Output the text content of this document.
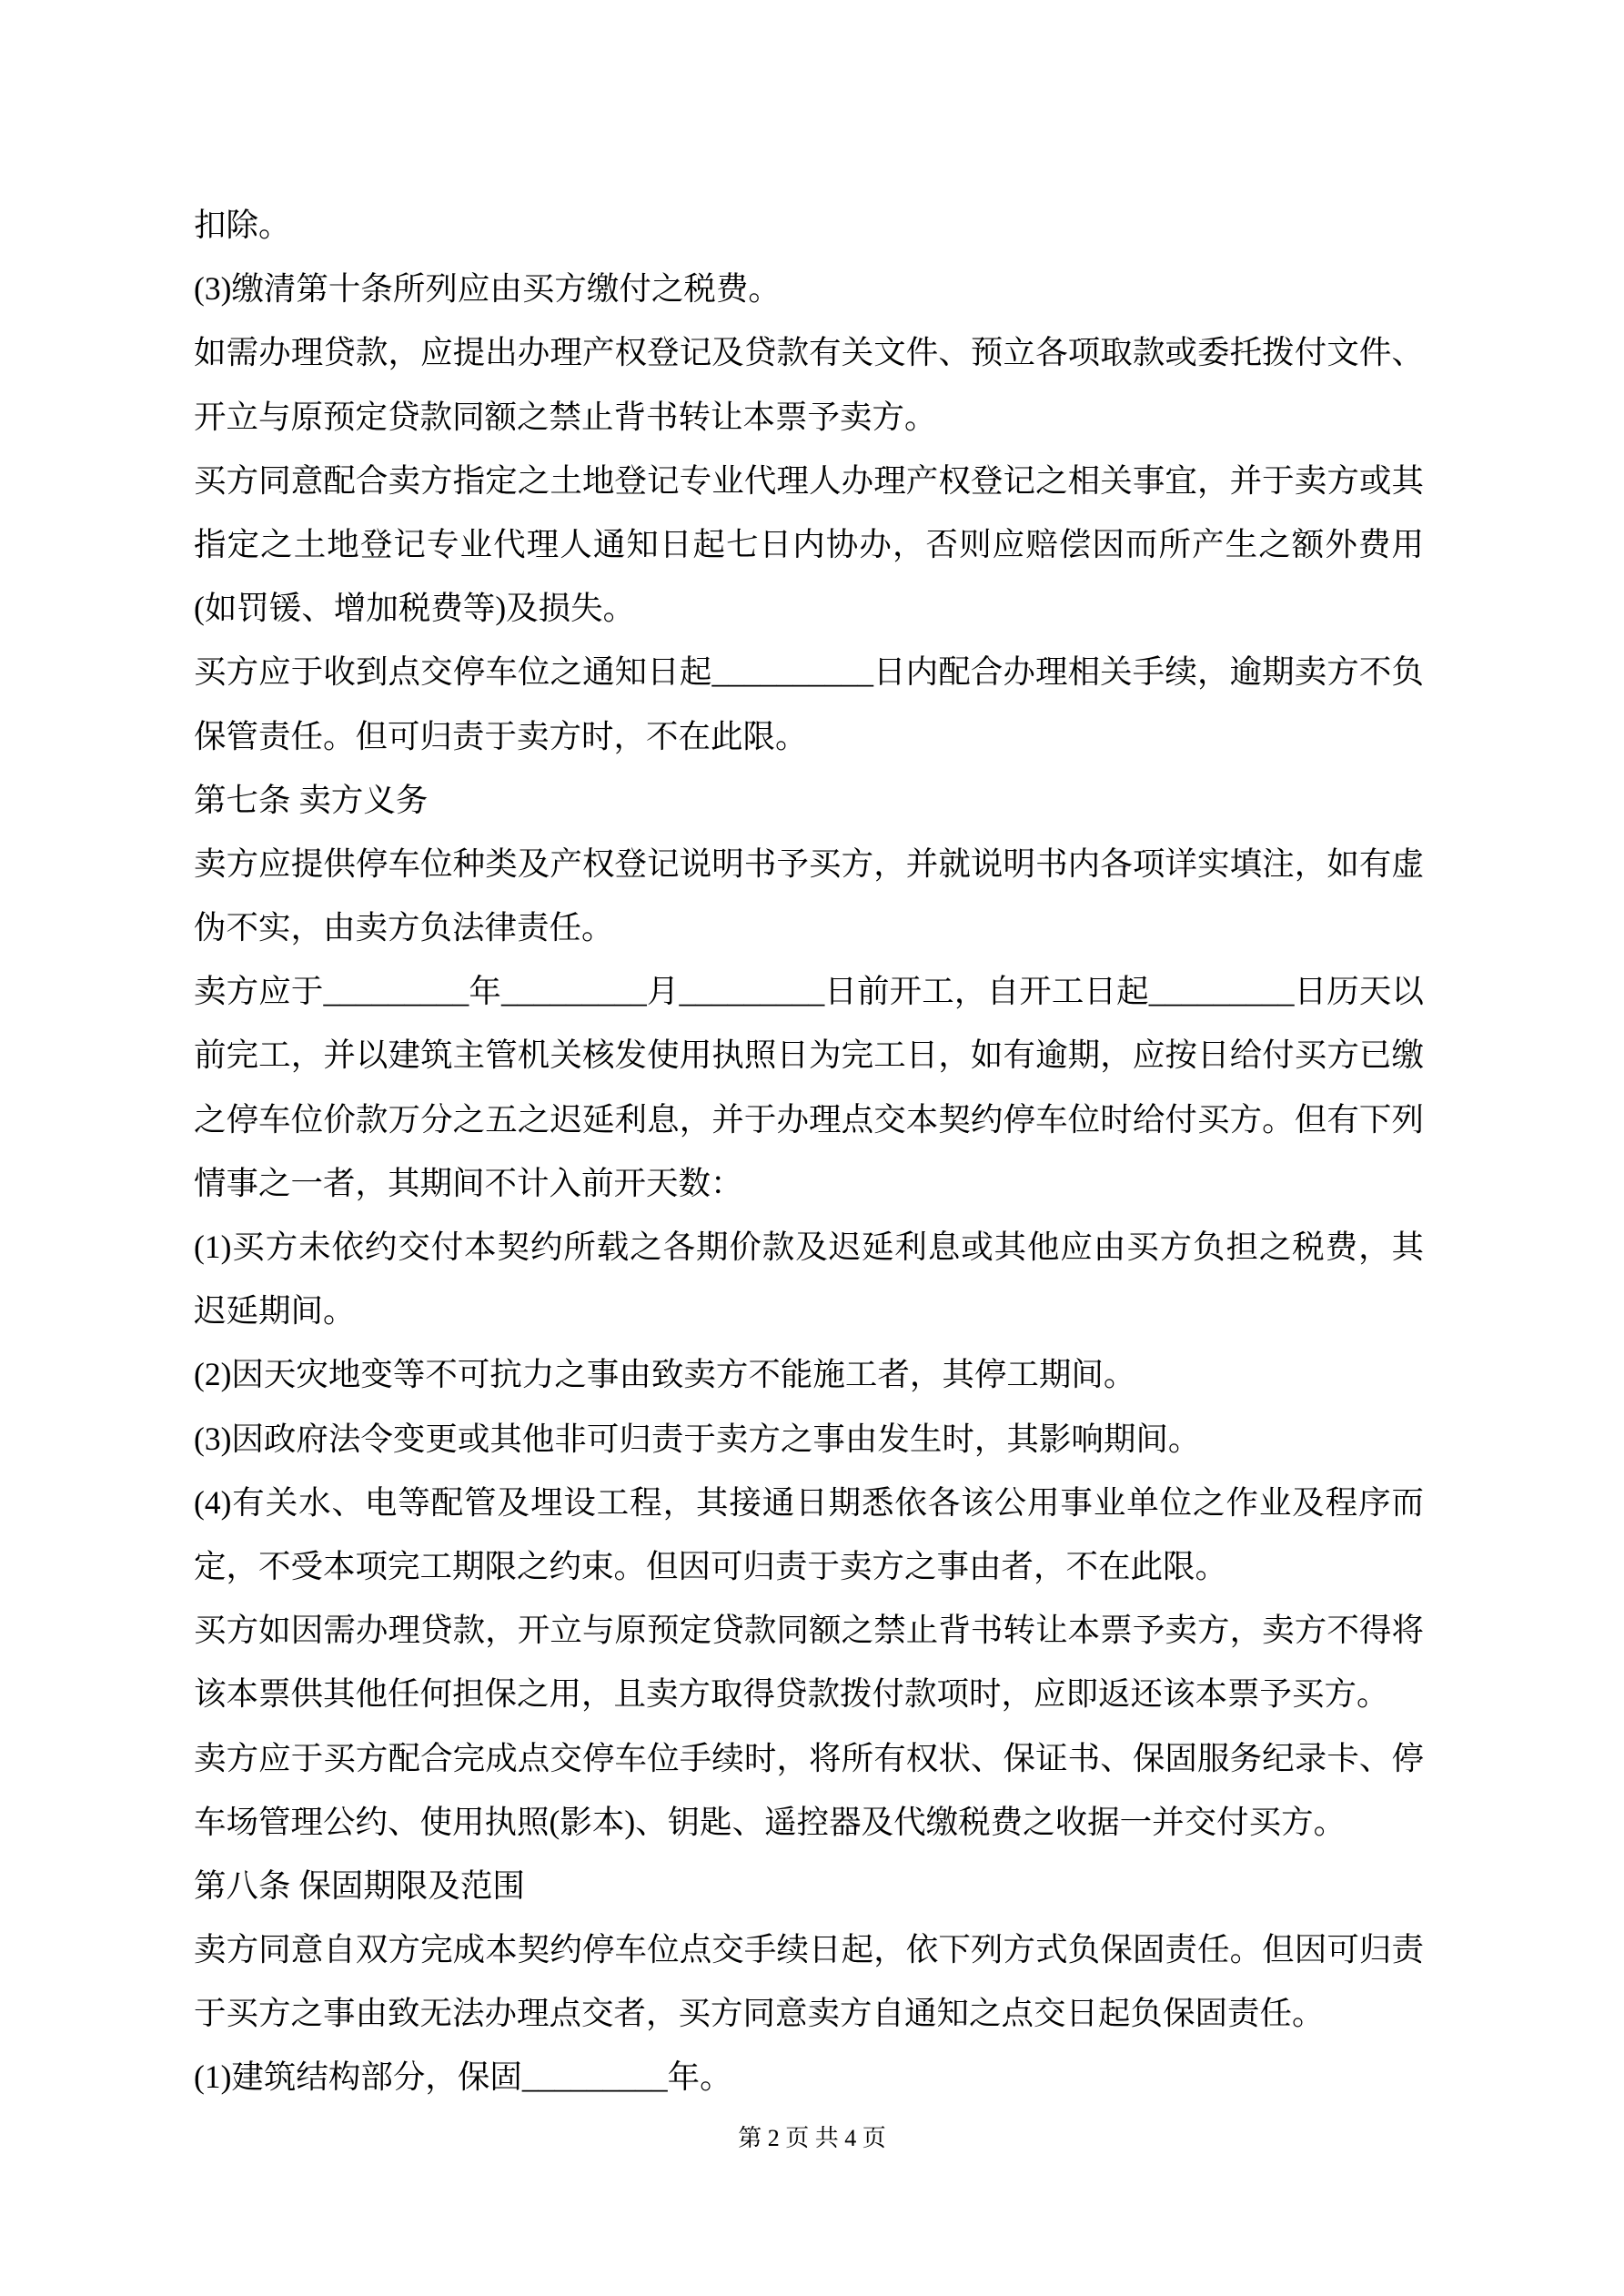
扣除。
(3)缴清第十条所列应由买方缴付之税费。
如需办理贷款，应提出办理产权登记及贷款有关文件、预立各项取款或委托拨付文件、
开立与原预定贷款同额之禁止背书转让本票予卖方。
买方同意配合卖方指定之土地登记专业代理人办理产权登记之相关事宜，并于卖方或其
指定之土地登记专业代理人通知日起七日内协办，否则应赔偿因而所产生之额外费用
(如罚锾、增加税费等)及损失。
买方应于收到点交停车位之通知日起__________日内配合办理相关手续，逾期卖方不负
保管责任。但可归责于卖方时，不在此限。
第七条 卖方义务
卖方应提供停车位种类及产权登记说明书予买方，并就说明书内各项详实填注，如有虚
伪不实，由卖方负法律责任。
卖方应于_________年_________月_________日前开工，自开工日起_________日历天以
前完工，并以建筑主管机关核发使用执照日为完工日，如有逾期，应按日给付买方已缴
之停车位价款万分之五之迟延利息，并于办理点交本契约停车位时给付买方。但有下列
情事之一者，其期间不计入前开天数：
(1)买方未依约交付本契约所载之各期价款及迟延利息或其他应由买方负担之税费，其
迟延期间。
(2)因天灾地变等不可抗力之事由致卖方不能施工者，其停工期间。
(3)因政府法令变更或其他非可归责于卖方之事由发生时，其影响期间。
(4)有关水、电等配管及埋设工程，其接通日期悉依各该公用事业单位之作业及程序而
定，不受本项完工期限之约束。但因可归责于卖方之事由者，不在此限。
买方如因需办理贷款，开立与原预定贷款同额之禁止背书转让本票予卖方，卖方不得将
该本票供其他任何担保之用，且卖方取得贷款拨付款项时，应即返还该本票予买方。
卖方应于买方配合完成点交停车位手续时，将所有权状、保证书、保固服务纪录卡、停
车场管理公约、使用执照(影本)、钥匙、遥控器及代缴税费之收据一并交付买方。
第八条 保固期限及范围
卖方同意自双方完成本契约停车位点交手续日起，依下列方式负保固责任。但因可归责
于买方之事由致无法办理点交者，买方同意卖方自通知之点交日起负保固责任。
(1)建筑结构部分，保固_________年。
第 2 页 共 4 页
